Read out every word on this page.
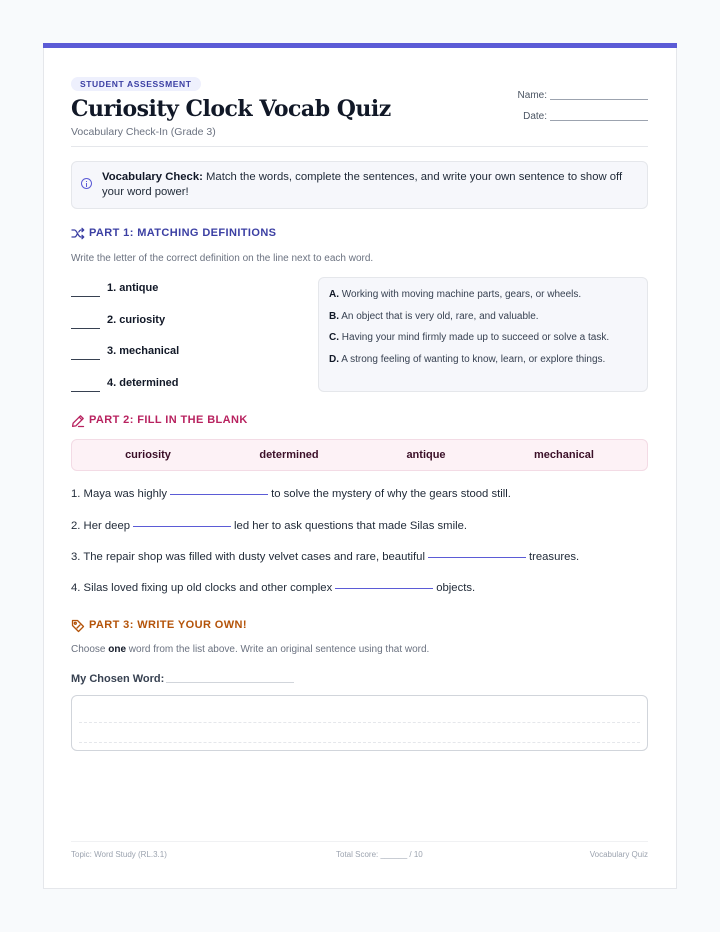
STUDENT ASSESSMENT
Curiosity Clock Vocab Quiz
Vocabulary Check-In (Grade 3)
Name:
Date:
Vocabulary Check: Match the words, complete the sentences, and write your own sentence to show off your word power!
PART 1: MATCHING DEFINITIONS
Write the letter of the correct definition on the line next to each word.
1. antique
2. curiosity
3. mechanical
4. determined
A. Working with moving machine parts, gears, or wheels.
B. An object that is very old, rare, and valuable.
C. Having your mind firmly made up to succeed or solve a task.
D. A strong feeling of wanting to know, learn, or explore things.
PART 2: FILL IN THE BLANK
curiosity	determined	antique	mechanical
1. Maya was highly	to solve the mystery of why the gears stood still.
2. Her deep	led her to ask questions that made Silas smile.
3. The repair shop was filled with dusty velvet cases and rare, beautiful	treasures.
4. Silas loved fixing up old clocks and other complex	objects.
PART 3: WRITE YOUR OWN!
Choose one word from the list above. Write an original sentence using that word.
My Chosen Word:
Topic: Word Study (RL.3.1)	Total Score: ______ / 10	Vocabulary Quiz
